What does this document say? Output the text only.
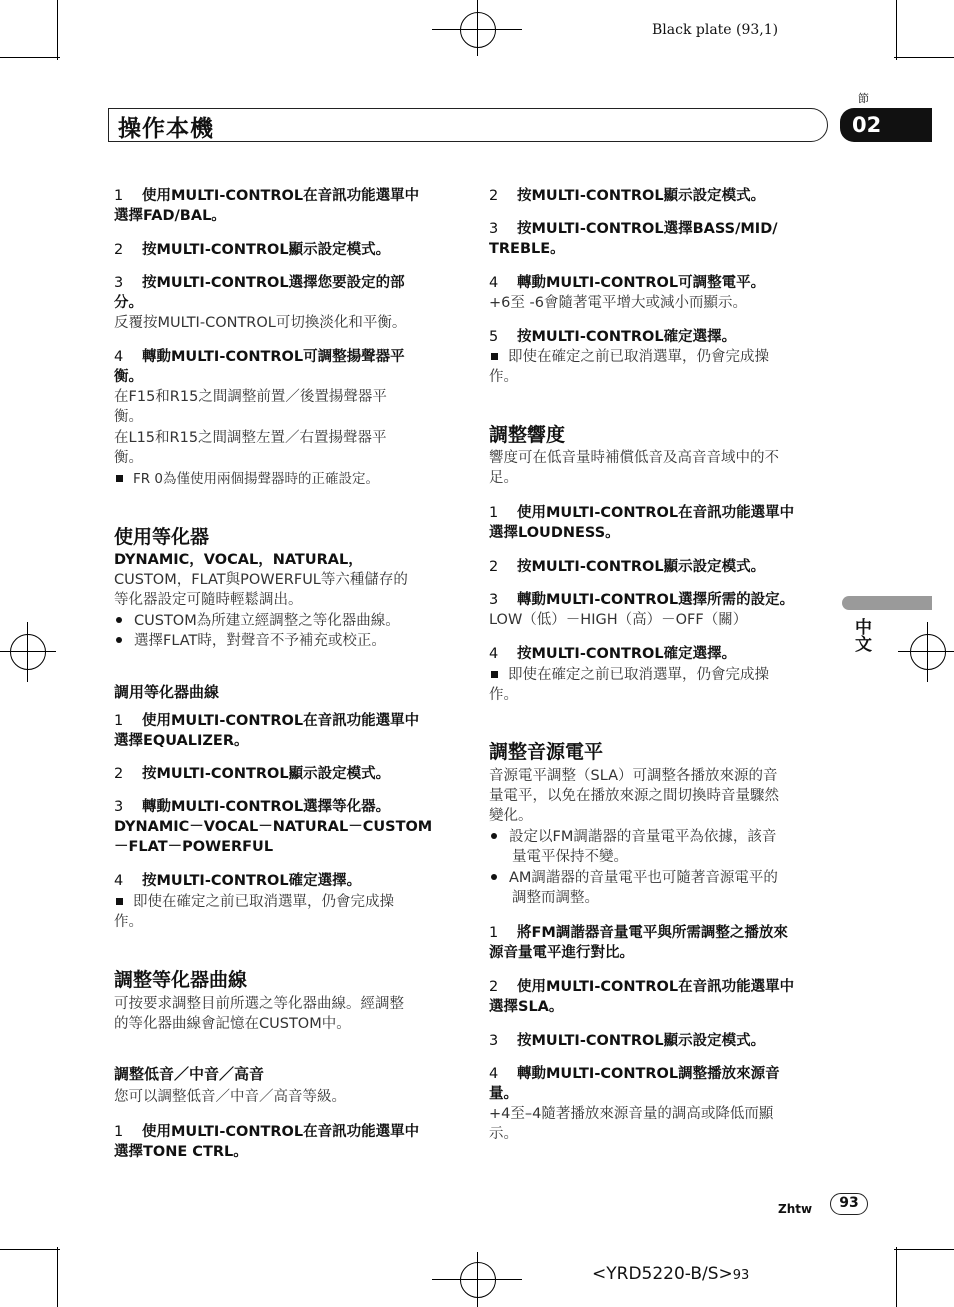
Black plate (93,1)
操作本機
節
02
中文
1 使用MULTI-CONTROL在音訊功能選單中
選擇FAD/BAL。
2 按MULTI-CONTROL顯示設定模式。
3 按MULTI-CONTROL選擇您要設定的部
分。
反覆按MULTI-CONTROL可切換淡化和平衡。
4 轉動MULTI-CONTROL可調整揚聲器平
衡。
在F15和R15之間調整前置／後置揚聲器平
衡。
在L15和R15之間調整左置／右置揚聲器平
衡。
FR 0為僅使用兩個揚聲器時的正確設定。
使用等化器
DYNAMIC，VOCAL，NATURAL，
CUSTOM，FLAT與POWERFUL等六種儲存的
等化器設定可隨時輕鬆調出。
CUSTOM為所建立經調整之等化器曲線。
選擇FLAT時，對聲音不予補充或校正。
調用等化器曲線
1 使用MULTI-CONTROL在音訊功能選單中
選擇EQUALIZER。
2 按MULTI-CONTROL顯示設定模式。
3 轉動MULTI-CONTROL選擇等化器。
DYNAMIC－VOCAL－NATURAL－CUSTOM
－FLAT－POWERFUL
4 按MULTI-CONTROL確定選擇。
即使在確定之前已取消選單，仍會完成操
作。
調整等化器曲線
可按要求調整目前所選之等化器曲線。經調整
的等化器曲線會記憶在CUSTOM中。
調整低音／中音／高音
您可以調整低音／中音／高音等級。
1 使用MULTI-CONTROL在音訊功能選單中
選擇TONE CTRL。
2 按MULTI-CONTROL顯示設定模式。
3 按MULTI-CONTROL選擇BASS/MID/
TREBLE。
4 轉動MULTI-CONTROL可調整電平。
+6至 -6會隨著電平增大或減小而顯示。
5 按MULTI-CONTROL確定選擇。
即使在確定之前已取消選單，仍會完成操
作。
調整響度
響度可在低音量時補償低音及高音音域中的不
足。
1 使用MULTI-CONTROL在音訊功能選單中
選擇LOUDNESS。
2 按MULTI-CONTROL顯示設定模式。
3 轉動MULTI-CONTROL選擇所需的設定。
LOW（低）－HIGH（高）－OFF（關）
4 按MULTI-CONTROL確定選擇。
即使在確定之前已取消選單，仍會完成操
作。
調整音源電平
音源電平調整（SLA）可調整各播放來源的音
量電平，以免在播放來源之間切換時音量驟然
變化。
設定以FM調諧器的音量電平為依據，該音
量電平保持不變。
AM調諧器的音量電平也可隨著音源電平的
調整而調整。
1 將FM調諧器音量電平與所需調整之播放來
源音量電平進行對比。
2 使用MULTI-CONTROL在音訊功能選單中
選擇SLA。
3 按MULTI-CONTROL顯示設定模式。
4 轉動MULTI-CONTROL調整播放來源音
量。
+4至–4隨著播放來源音量的調高或降低而顯
示。
Zhtw	93
<YRD5220-B/S>93
